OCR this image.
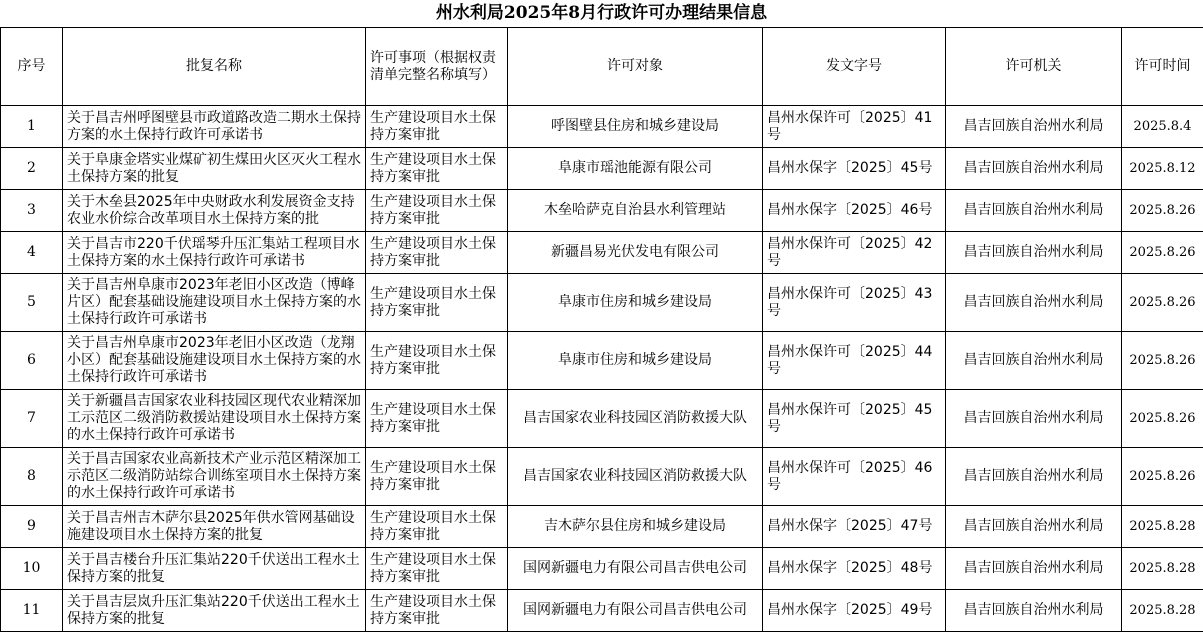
州水利局2025年8月行政许可办理结果信息
序号	批复名称	许可事项（根据权责清单完整名称填写）	许可对象	发文字号	许可机关	许可时间
1	关于昌吉州呼图壁县市政道路改造二期水土保持方案的水土保持行政许可承诺书	生产建设项目水土保持方案审批	呼图壁县住房和城乡建设局	昌州水保许可〔2025〕41号	昌吉回族自治州水利局	2025.8.4
2	关于阜康金塔实业煤矿初生煤田火区灭火工程水土保持方案的批复	生产建设项目水土保持方案审批	阜康市瑶池能源有限公司	昌州水保字〔2025〕45号	昌吉回族自治州水利局	2025.8.12
3	关于木垒县2025年中央财政水利发展资金支持农业水价综合改革项目水土保持方案的批	生产建设项目水土保持方案审批	木垒哈萨克自治县水利管理站	昌州水保字〔2025〕46号	昌吉回族自治州水利局	2025.8.26
4	关于昌吉市220千伏瑶琴升压汇集站工程项目水土保持方案的水土保持行政许可承诺书	生产建设项目水土保持方案审批	新疆昌易光伏发电有限公司	昌州水保许可〔2025〕42号	昌吉回族自治州水利局	2025.8.26
5	关于昌吉州阜康市2023年老旧小区改造（博峰片区）配套基础设施建设项目水土保持方案的水土保持行政许可承诺书	生产建设项目水土保持方案审批	阜康市住房和城乡建设局	昌州水保许可〔2025〕43号	昌吉回族自治州水利局	2025.8.26
6	关于昌吉州阜康市2023年老旧小区改造（龙翔小区）配套基础设施建设项目水土保持方案的水土保持行政许可承诺书	生产建设项目水土保持方案审批	阜康市住房和城乡建设局	昌州水保许可〔2025〕44号	昌吉回族自治州水利局	2025.8.26
7	关于新疆昌吉国家农业科技园区现代农业精深加工示范区二级消防救援站建设项目水土保持方案的水土保持行政许可承诺书	生产建设项目水土保持方案审批	昌吉国家农业科技园区消防救援大队	昌州水保许可〔2025〕45号	昌吉回族自治州水利局	2025.8.26
8	关于昌吉国家农业高新技术产业示范区精深加工示范区二级消防站综合训练室项目水土保持方案的水土保持行政许可承诺书	生产建设项目水土保持方案审批	昌吉国家农业科技园区消防救援大队	昌州水保许可〔2025〕46号	昌吉回族自治州水利局	2025.8.26
9	关于昌吉州吉木萨尔县2025年供水管网基础设施建设项目水土保持方案的批复	生产建设项目水土保持方案审批	吉木萨尔县住房和城乡建设局	昌州水保字〔2025〕47号	昌吉回族自治州水利局	2025.8.28
10	关于昌吉楼台升压汇集站220千伏送出工程水土保持方案的批复	生产建设项目水土保持方案审批	国网新疆电力有限公司昌吉供电公司	昌州水保字〔2025〕48号	昌吉回族自治州水利局	2025.8.28
11	关于昌吉层岚升压汇集站220千伏送出工程水土保持方案的批复	生产建设项目水土保持方案审批	国网新疆电力有限公司昌吉供电公司	昌州水保字〔2025〕49号	昌吉回族自治州水利局	2025.8.28
